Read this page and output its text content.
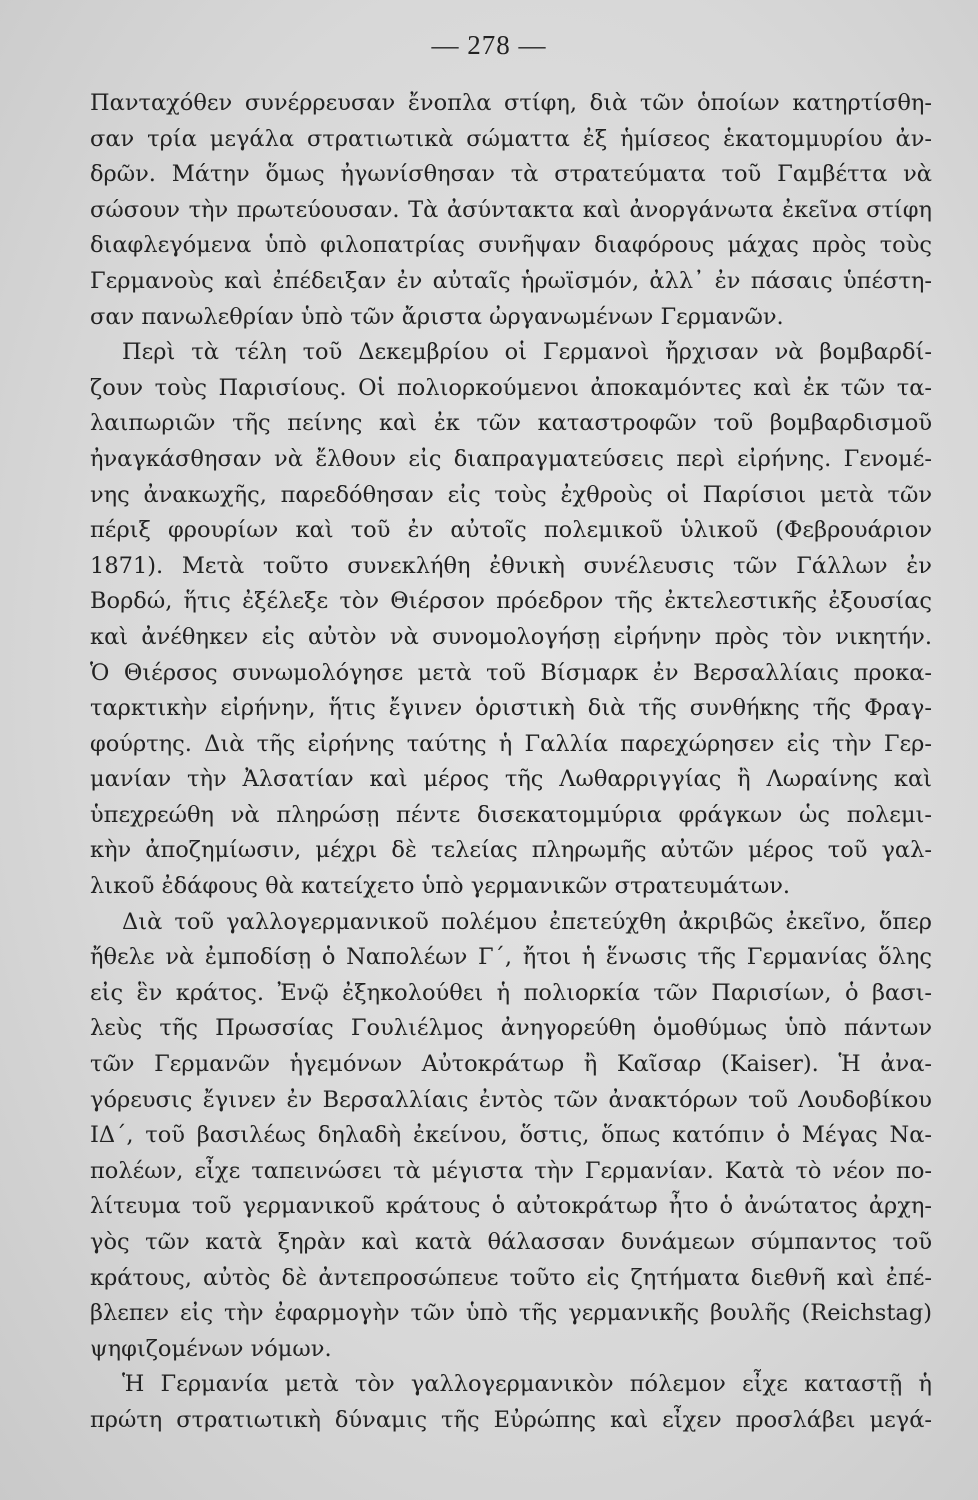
— 278 —
Πανταχόθεν συνέρρευσαν ἔνοπλα στίφη, διὰ τῶν ὁποίων κατηρτίσθη-
σαν τρία μεγάλα στρατιωτικὰ σώματτα ἐξ ἡμίσεος ἑκατομμυρίου ἀν-
δρῶν. Μάτην ὅμως ἠγωνίσθησαν τὰ στρατεύματα τοῦ Γαμβέττα νὰ
σώσουν τὴν πρωτεύουσαν. Τὰ ἀσύντακτα καὶ ἀνοργάνωτα ἐκεῖνα στίφη
διαφλεγόμενα ὑπὸ φιλοπατρίας συνῆψαν διαφόρους μάχας πρὸς τοὺς
Γερμανοὺς καὶ ἐπέδειξαν ἐν αὐταῖς ἡρωϊσμόν, ἀλλ᾿ ἐν πάσαις ὑπέστη-
σαν πανωλεθρίαν ὑπὸ τῶν ἄριστα ὠργανωμένων Γερμανῶν.
Περὶ τὰ τέλη τοῦ Δεκεμβρίου οἱ Γερμανοὶ ἤρχισαν νὰ βομβαρδί-
ζουν τοὺς Παρισίους. Οἱ πολιορκούμενοι ἀποκαμόντες καὶ ἐκ τῶν τα-
λαιπωριῶν τῆς πείνης καὶ ἐκ τῶν καταστροφῶν τοῦ βομβαρδισμοῦ
ἠναγκάσθησαν νὰ ἔλθουν εἰς διαπραγματεύσεις περὶ εἰρήνης. Γενομέ-
νης ἀνακωχῆς, παρεδόθησαν εἰς τοὺς ἐχθροὺς οἱ Παρίσιοι μετὰ τῶν
πέριξ φρουρίων καὶ τοῦ ἐν αὐτοῖς πολεμικοῦ ὑλικοῦ (Φεβρουάριον
1871). Μετὰ τοῦτο συνεκλήθη ἐθνικὴ συνέλευσις τῶν Γάλλων ἐν
Βορδώ, ἥτις ἐξέλεξε τὸν Θιέρσον πρόεδρον τῆς ἐκτελεστικῆς ἐξουσίας
καὶ ἀνέθηκεν εἰς αὐτὸν νὰ συνομολογήσῃ εἰρήνην πρὸς τὸν νικητήν.
Ὁ Θιέρσος συνωμολόγησε μετὰ τοῦ Βίσμαρκ ἐν Βερσαλλίαις προκα-
ταρκτικὴν εἰρήνην, ἥτις ἔγινεν ὁριστικὴ διὰ τῆς συνθήκης τῆς Φραγ-
φούρτης. Διὰ τῆς εἰρήνης ταύτης ἡ Γαλλία παρεχώρησεν εἰς τὴν Γερ-
μανίαν τὴν Ἀλσατίαν καὶ μέρος τῆς Λωθαρριγγίας ἢ Λωραίνης καὶ
ὑπεχρεώθη νὰ πληρώσῃ πέντε δισεκατομμύρια φράγκων ὡς πολεμι-
κὴν ἀποζημίωσιν, μέχρι δὲ τελείας πληρωμῆς αὐτῶν μέρος τοῦ γαλ-
λικοῦ ἐδάφους θὰ κατείχετο ὑπὸ γερμανικῶν στρατευμάτων.
Διὰ τοῦ γαλλογερμανικοῦ πολέμου ἐπετεύχθη ἀκριβῶς ἐκεῖνο, ὅπερ
ἤθελε νὰ ἐμποδίσῃ ὁ Ναπολέων Γ΄, ἤτοι ἡ ἕνωσις τῆς Γερμανίας ὅλης
εἰς ἓν κράτος. Ἐνῷ ἐξηκολούθει ἡ πολιορκία τῶν Παρισίων, ὁ βασι-
λεὺς τῆς Πρωσσίας Γουλιέλμος ἀνηγορεύθη ὁμοθύμως ὑπὸ πάντων
τῶν Γερμανῶν ἡγεμόνων Αὐτοκράτωρ ἢ Καῖσαρ (Kaiser). Ἡ ἀνα-
γόρευσις ἔγινεν ἐν Βερσαλλίαις ἐντὸς τῶν ἀνακτόρων τοῦ Λουδοβίκου
ΙΔ΄, τοῦ βασιλέως δηλαδὴ ἐκείνου, ὅστις, ὅπως κατόπιν ὁ Μέγας Να-
πολέων, εἶχε ταπεινώσει τὰ μέγιστα τὴν Γερμανίαν. Κατὰ τὸ νέον πο-
λίτευμα τοῦ γερμανικοῦ κράτους ὁ αὐτοκράτωρ ἦτο ὁ ἀνώτατος ἀρχη-
γὸς τῶν κατὰ ξηρὰν καὶ κατὰ θάλασσαν δυνάμεων σύμπαντος τοῦ
κράτους, αὐτὸς δὲ ἀντεπροσώπευε τοῦτο εἰς ζητήματα διεθνῆ καὶ ἐπέ-
βλεπεν εἰς τὴν ἐφαρμογὴν τῶν ὑπὸ τῆς γερμανικῆς βουλῆς (Reichstag)
ψηφιζομένων νόμων.
Ἡ Γερμανία μετὰ τὸν γαλλογερμανικὸν πόλεμον εἶχε καταστῇ ἡ
πρώτη στρατιωτικὴ δύναμις τῆς Εὐρώπης καὶ εἶχεν προσλάβει μεγά-
